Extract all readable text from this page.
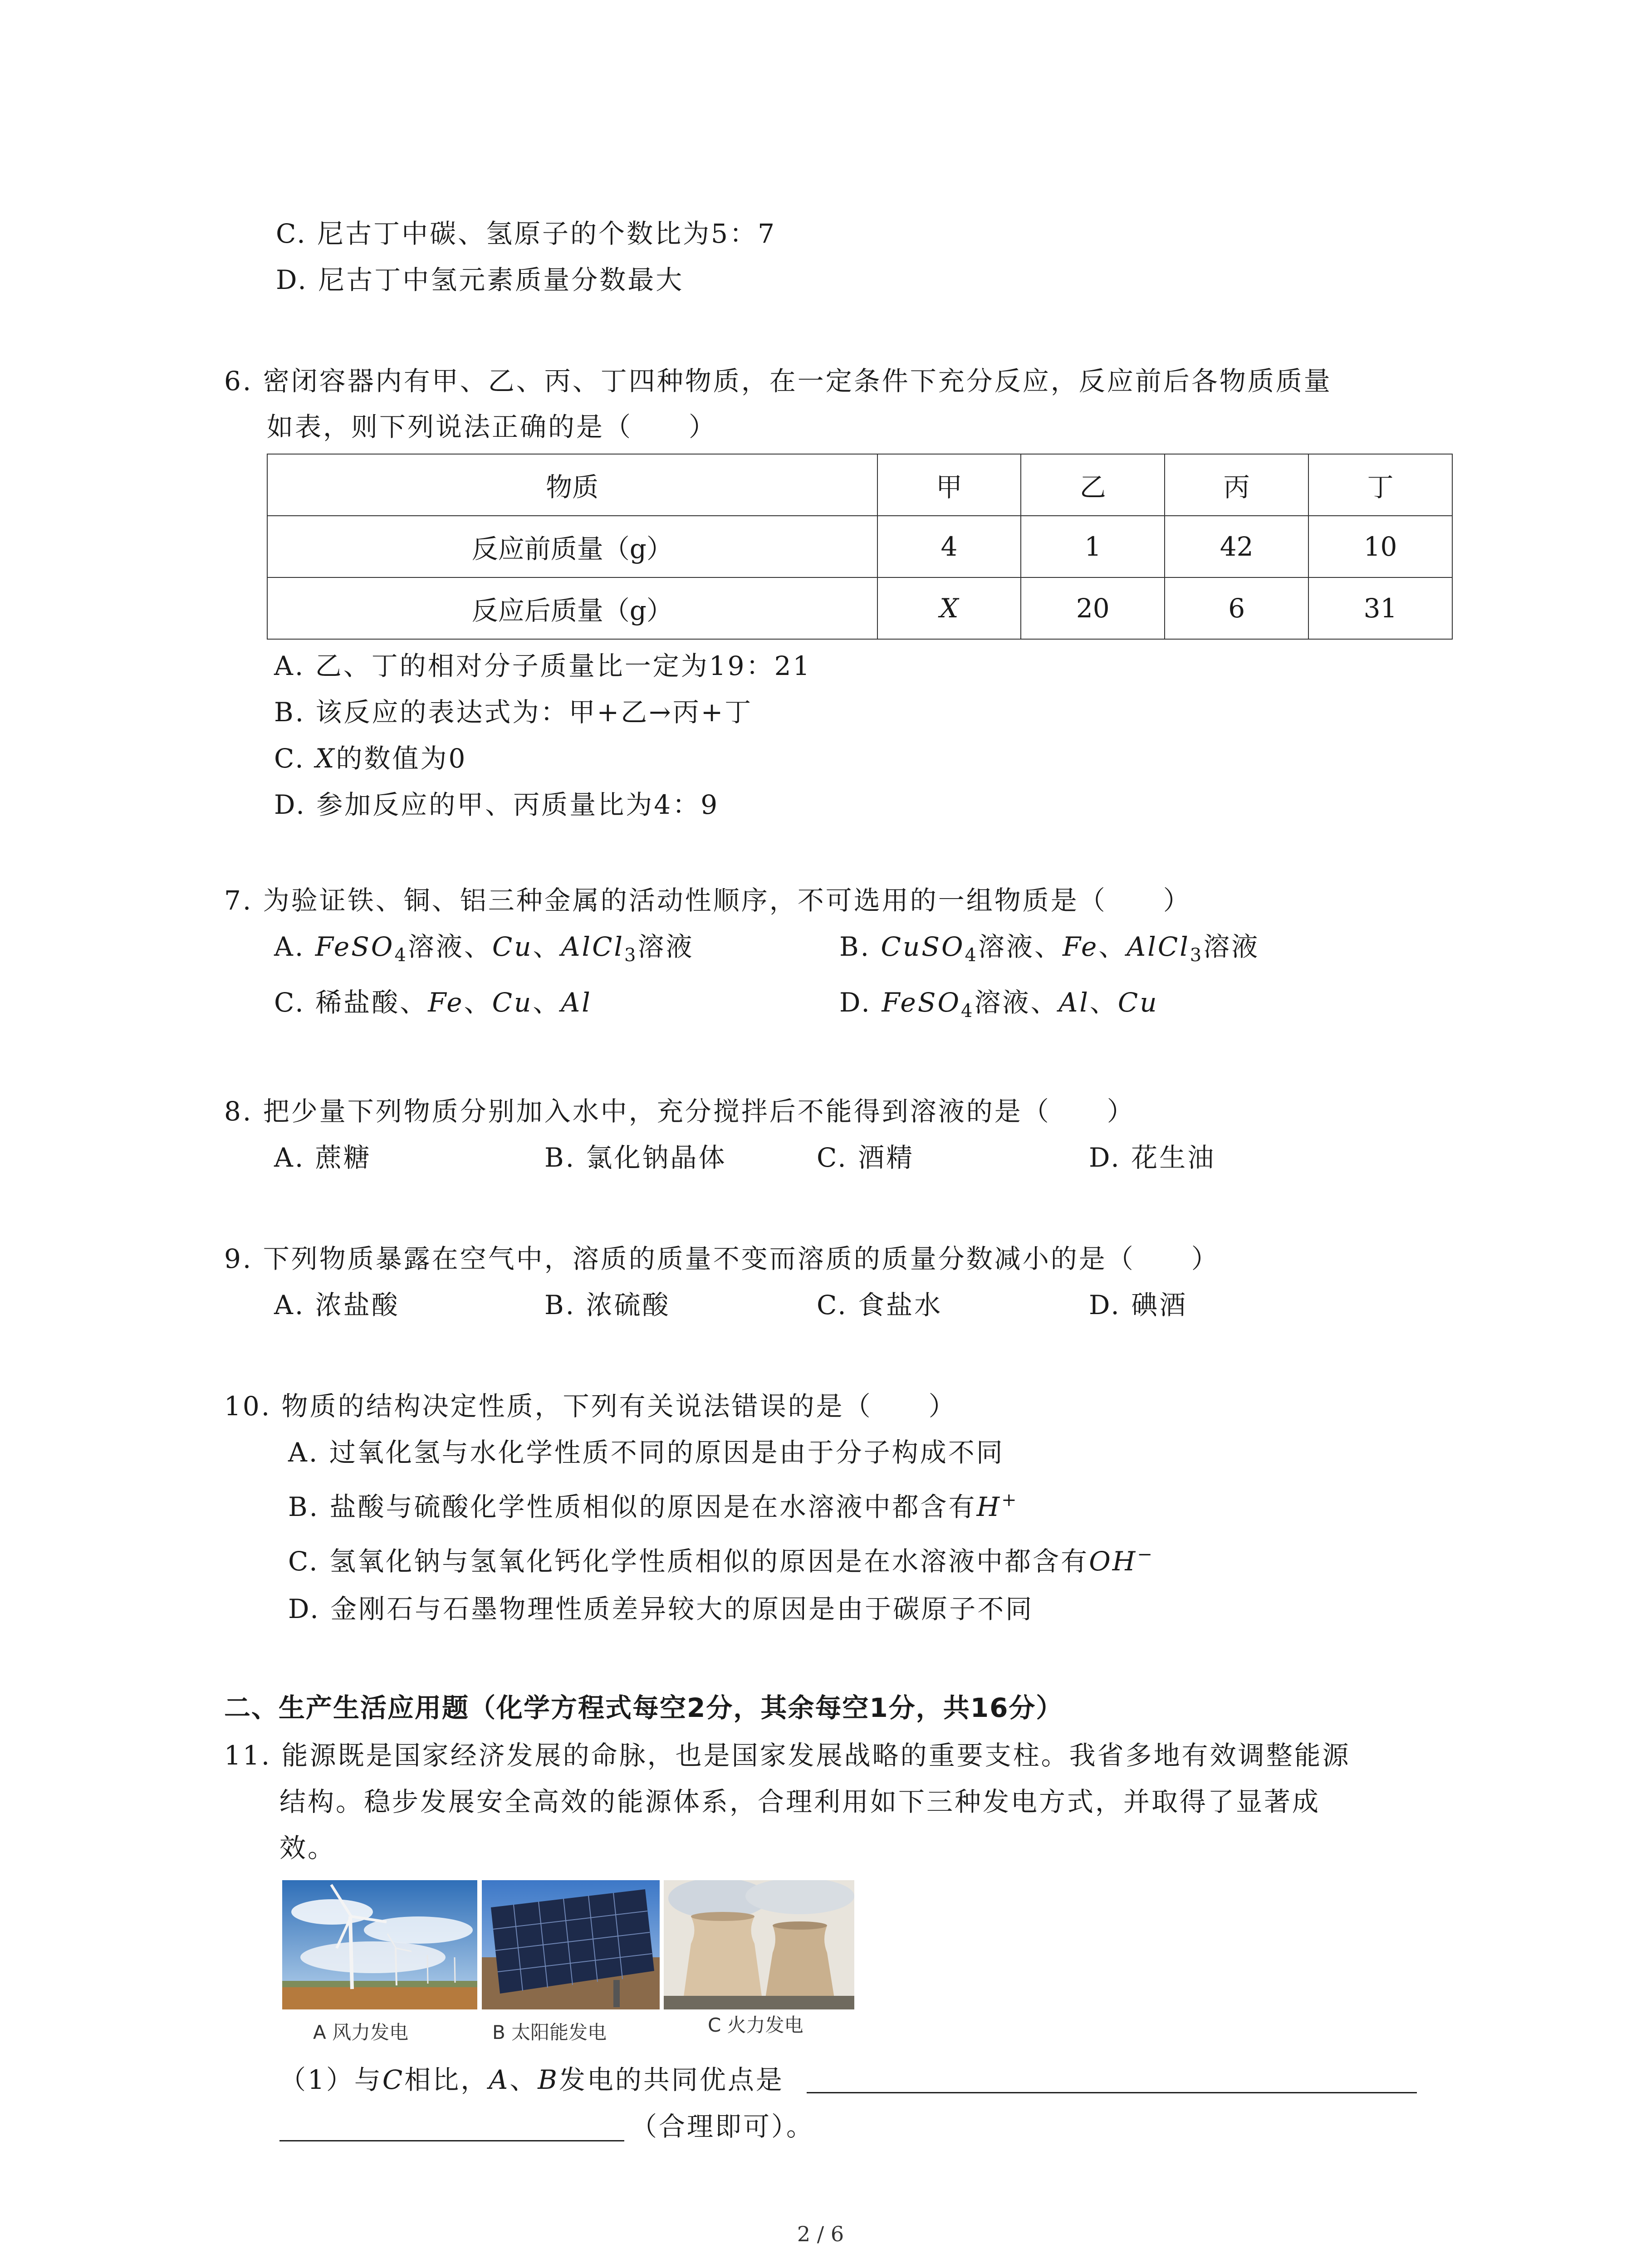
C. 尼古丁中碳、氢原子的个数比为5：7
D. 尼古丁中氢元素质量分数最大
6. 密闭容器内有甲、乙、丙、丁四种物质，在一定条件下充分反应，反应前后各物质质量
如表，则下列说法正确的是（　　）
物质	甲	乙	丙	丁
反应前质量（g）	4	1	42	10
反应后质量（g）	X	20	6	31
A. 乙、丁的相对分子质量比一定为19：21
B. 该反应的表达式为：甲+乙→丙+丁
C. X的数值为0
D. 参加反应的甲、丙质量比为4：9
7. 为验证铁、铜、铝三种金属的活动性顺序，不可选用的一组物质是（　　）
A. FeSO$_4$溶液、Cu、AlCl$_3$溶液	B. CuSO$_4$溶液、Fe、AlCl$_3$溶液
C. 稀盐酸、Fe、Cu、Al	D. FeSO$_4$溶液、Al、Cu
8. 把少量下列物质分别加入水中，充分搅拌后不能得到溶液的是（　　）
A. 蔗糖	B. 氯化钠晶体	C. 酒精	D. 花生油
9. 下列物质暴露在空气中，溶质的质量不变而溶质的质量分数减小的是（　　）
A. 浓盐酸	B. 浓硫酸	C. 食盐水	D. 碘酒
10. 物质的结构决定性质，下列有关说法错误的是（　　）
A. 过氧化氢与水化学性质不同的原因是由于分子构成不同
B. 盐酸与硫酸化学性质相似的原因是在水溶液中都含有H+
C. 氢氧化钠与氢氧化钙化学性质相似的原因是在水溶液中都含有OH−
D. 金刚石与石墨物理性质差异较大的原因是由于碳原子不同
二、生产生活应用题（化学方程式每空2分，其余每空1分，共16分）
11. 能源既是国家经济发展的命脉，也是国家发展战略的重要支柱。我省多地有效调整能源
结构。稳步发展安全高效的能源体系，合理利用如下三种发电方式，并取得了显著成
效。
A 风力发电	B 太阳能发电	C 火力发电
（1）与C相比，A、B发电的共同优点是
（合理即可）。
2 / 6
